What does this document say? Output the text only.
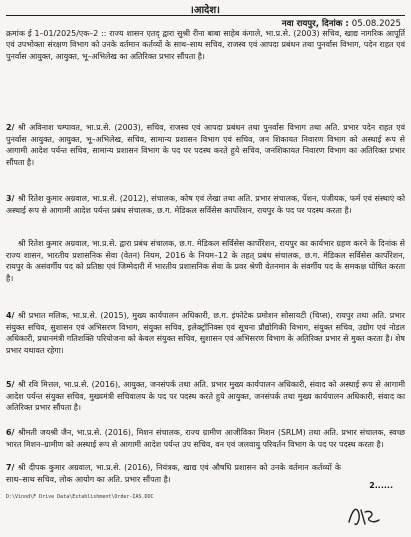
।आदेश।
नवा रायपुर, दिनांक : 05.08.2025
क्रमांक ई 1–01/2025/एक–2 :: राज्य शासन एतद् द्वारा सुश्री रीना बाबा साहेब कंगाले, भा.प्र.से. (2003) सचिव, खाद्य नागरिक आपूर्ति एवं उपभोक्ता संरक्षण विभाग को उनके वर्तमान कर्तव्यों के साथ–साथ सचिव, राजस्व एवं आपदा प्रबंधन तथा पुनर्वास विभाग, पदेन राहत एवं पुनर्वास आयुक्त, आयुक्त, भू–अभिलेख का अतिरिक्त प्रभार सौंपता है।
2/ श्री अविनाश चम्पावत, भा.प्र.से. (2003), सचिव, राजस्व एवं आपदा प्रबंधन तथा पुनर्वास विभाग तथा अति. प्रभार पदेन राहत एवं पुनर्वास आयुक्त, आयुक्त, भू–अभिलेख, सचिव, सामान्य प्रशासन विभाग एवं सचिव, जन शिकायत निवारण विभाग को अस्थाई रूप से आगामी आदेश पर्यन्त सचिव, सामान्य प्रशासन विभाग के पद पर पदस्थ करते हुये सचिव, जनशिकायत निवारण विभाग का अतिरिक्त प्रभार सौंपता है।
3/ श्री रितेश कुमार अग्रवाल, भा.प्र.से. (2012), संचालक, कोष एवं लेखा तथा अति. प्रभार संचालक, पेंशन, पंजीयक, फर्म एवं संस्थाएं को अस्थाई रूप से आगामी आदेश पर्यन्त प्रबंध संचालक, छ.ग. मेडिकल सर्विसेस कार्पोरेशन, रायपुर के पद पर पदस्थ करता है।
श्री रितेश कुमार अग्रवाल, भा.प्र.से. द्वारा प्रबंध संचालक, छ.ग. मेडिकल सर्विसेस कार्पोरेशन, रायपुर का कार्यभार ग्रहण करने के दिनांक से राज्य शासन, भारतीय प्रशासनिक सेवा (वेतन) नियम, 2016 के नियम–12 के तहत् प्रबंध संचालक, छ.ग. मेडिकल सर्विसेस कार्पोरेशन, रायपुर के असंवर्गीय पद को प्रतिष्ठा एवं जिम्मेदारी में भारतीय प्रशासनिक सेवा के प्रवर श्रेणी वेतनमान के संवर्गीय पद के समकक्ष घोषित करता है।
4/ श्री प्रभात मलिक, भा.प्र.से. (2015), मुख्य कार्यपालन अधिकारी, छ.ग. इंफोटेक प्रमोशन सोसायटी (चिप्स), रायपुर तथा अति. प्रभार संयुक्त सचिव, सुशासन एवं अभिसरण विभाग, संयुक्त सचिव, इलेक्ट्रॉनिक्स एवं सूचना प्रौद्योगिकी विभाग, संयुक्त सचिव, उद्योग एवं नोडल अधिकारी, प्रधानमंत्री गतिशक्ति परियोजना को केवल संयुक्त सचिव, सुशासन एवं अभिसरण विभाग के अतिरिक्त प्रभार से मुक्त करता है। शेष प्रभार यथावत रहेगा।
5/ श्री रवि मित्तल, भा.प्र.से. (2016), आयुक्त, जनसंपर्क तथा अति. प्रभार मुख्य कार्यपालन अधिकारी, संवाद को अस्थाई रूप से आगामी आदेश पर्यन्त संयुक्त सचिव, मुख्यमंत्री सचिवालय के पद पर पदस्थ करते हुये आयुक्त, जनसंपर्क तथा मुख्य कार्यपालन अधिकारी, संवाद का अतिरिक्त प्रभार सौंपता है।
6/ श्रीमती जयश्री जैन, भा.प्र.से. (2016), मिशन संचालक, राज्य ग्रामीण आजीविका मिशन (SRLM) तथा अति. प्रभार संचालक, स्वच्छ भारत मिशन–ग्रामीण को अस्थाई रूप से आगामी आदेश पर्यन्त उप सचिव, वन एवं जलवायु परिवर्तन विभाग के पद पर पदस्थ करता है।
7/ श्री दीपक कुमार अग्रवाल, भा.प्र.से. (2016), नियंत्रक, खाद्य एवं औषधि प्रशासन को उनके वर्तमान कर्तव्यों के साथ–साथ सचिव, लोक आयोग का अति. प्रभार सौंपता है।
2......
D:\Vinod\F Drive Data\Establishment\Order-IAS.DOC
